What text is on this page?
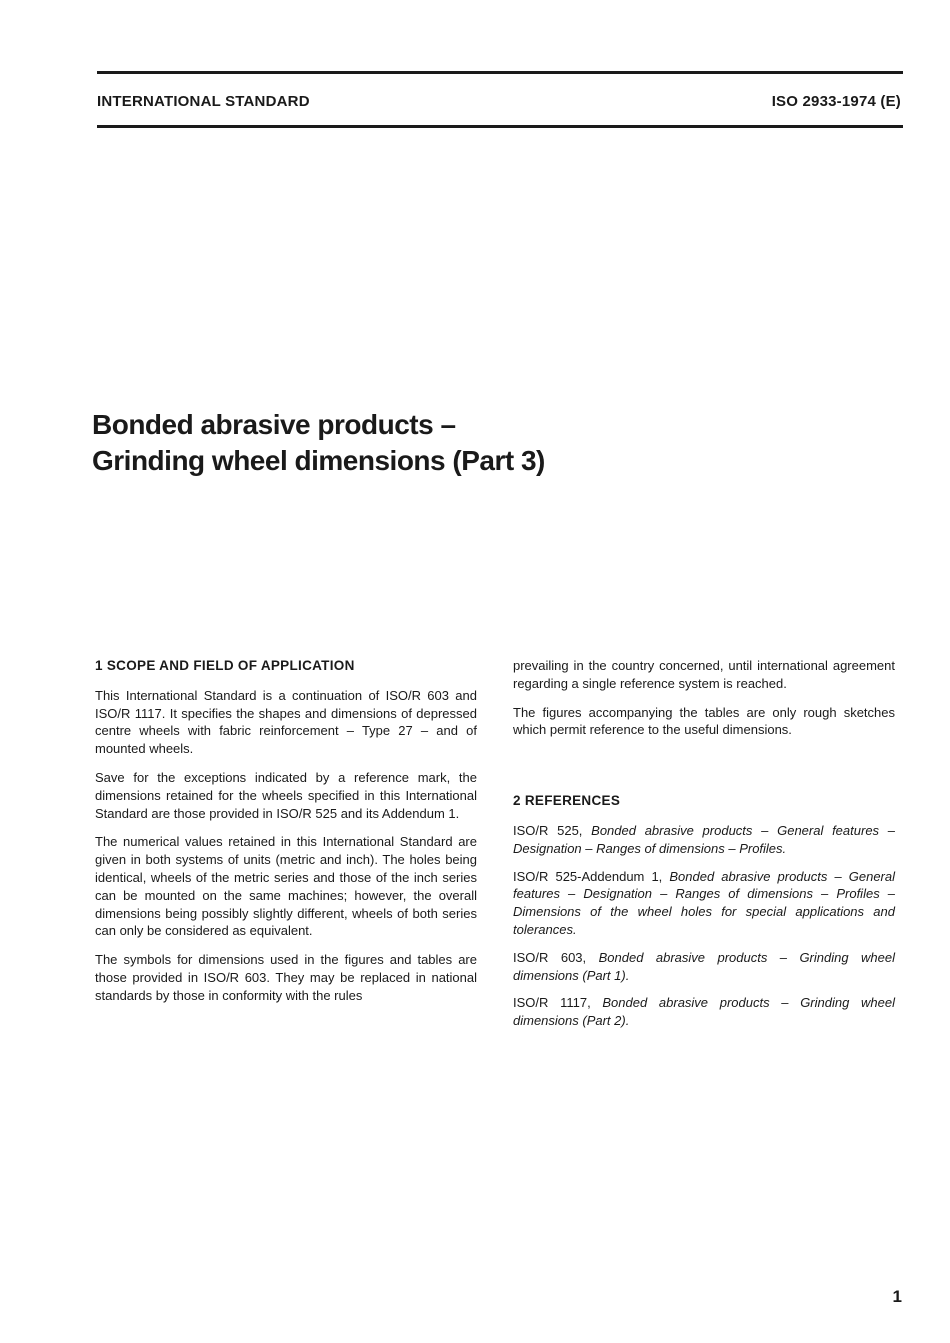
INTERNATIONAL STANDARD	ISO 2933-1974 (E)
Bonded abrasive products –
Grinding wheel dimensions (Part 3)
1 SCOPE AND FIELD OF APPLICATION

This International Standard is a continuation of ISO/R 603 and ISO/R 1117. It specifies the shapes and dimensions of depressed centre wheels with fabric reinforcement – Type 27 – and of mounted wheels.

Save for the exceptions indicated by a reference mark, the dimensions retained for the wheels specified in this International Standard are those provided in ISO/R 525 and its Addendum 1.

The numerical values retained in this International Standard are given in both systems of units (metric and inch). The holes being identical, wheels of the metric series and those of the inch series can be mounted on the same machines; however, the overall dimensions being possibly slightly different, wheels of both series can only be considered as equivalent.

The symbols for dimensions used in the figures and tables are those provided in ISO/R 603. They may be replaced in national standards by those in conformity with the rules

prevailing in the country concerned, until international agreement regarding a single reference system is reached.

The figures accompanying the tables are only rough sketches which permit reference to the useful dimensions.

2 REFERENCES

ISO/R 525, Bonded abrasive products – General features – Designation – Ranges of dimensions – Profiles.

ISO/R 525-Addendum 1, Bonded abrasive products – General features – Designation – Ranges of dimensions – Profiles – Dimensions of the wheel holes for special applications and tolerances.

ISO/R 603, Bonded abrasive products – Grinding wheel dimensions (Part 1).

ISO/R 1117, Bonded abrasive products – Grinding wheel dimensions (Part 2).

1
